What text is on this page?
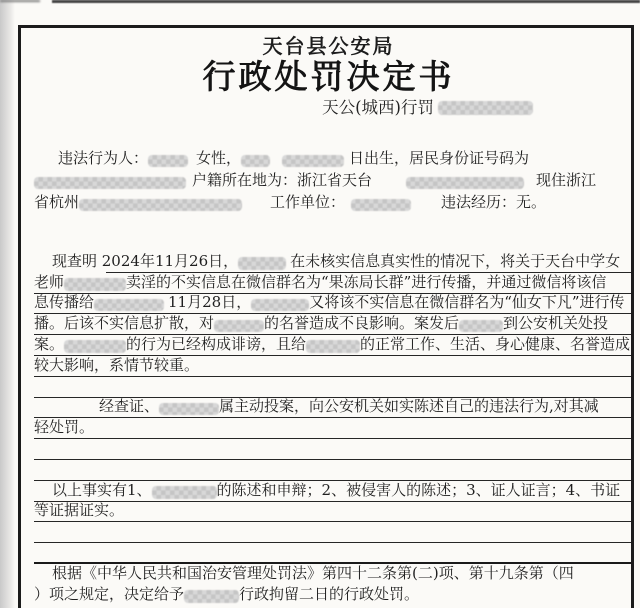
天台县公安局
行政处罚决定书
天公(城西)行罚
违法行为人：	女性，	日出生，居民身份证号码为
户籍所在地为：浙江省天台	现住浙江
省杭州	工作单位：	违法经历：无。
现查明 2024年11月26日，	在未核实信息真实性的情况下，将关于天台中学女
老师	卖淫的不实信息在微信群名为“果冻局长群”进行传播，并通过微信将该信
息传播给	11月28日，	又将该不实信息在微信群名为“仙女下凡”进行传
播。后该不实信息扩散，对	的名誉造成不良影响。案发后	到公安机关处投
案。	的行为已经构成诽谤，且给	的正常工作、生活、身心健康、名誉造成
较大影响，系情节较重。
经查证、	属主动投案，向公安机关如实陈述自己的违法行为,对其减
轻处罚。
以上事实有1、	的陈述和申辩；2、被侵害人的陈述；3、证人证言；4、书证
等证据证实。
根据《中华人民共和国治安管理处罚法》第四十二条第(二)项、第十九条第（四
）项之规定，决定给予	行政拘留二日的行政处罚。
